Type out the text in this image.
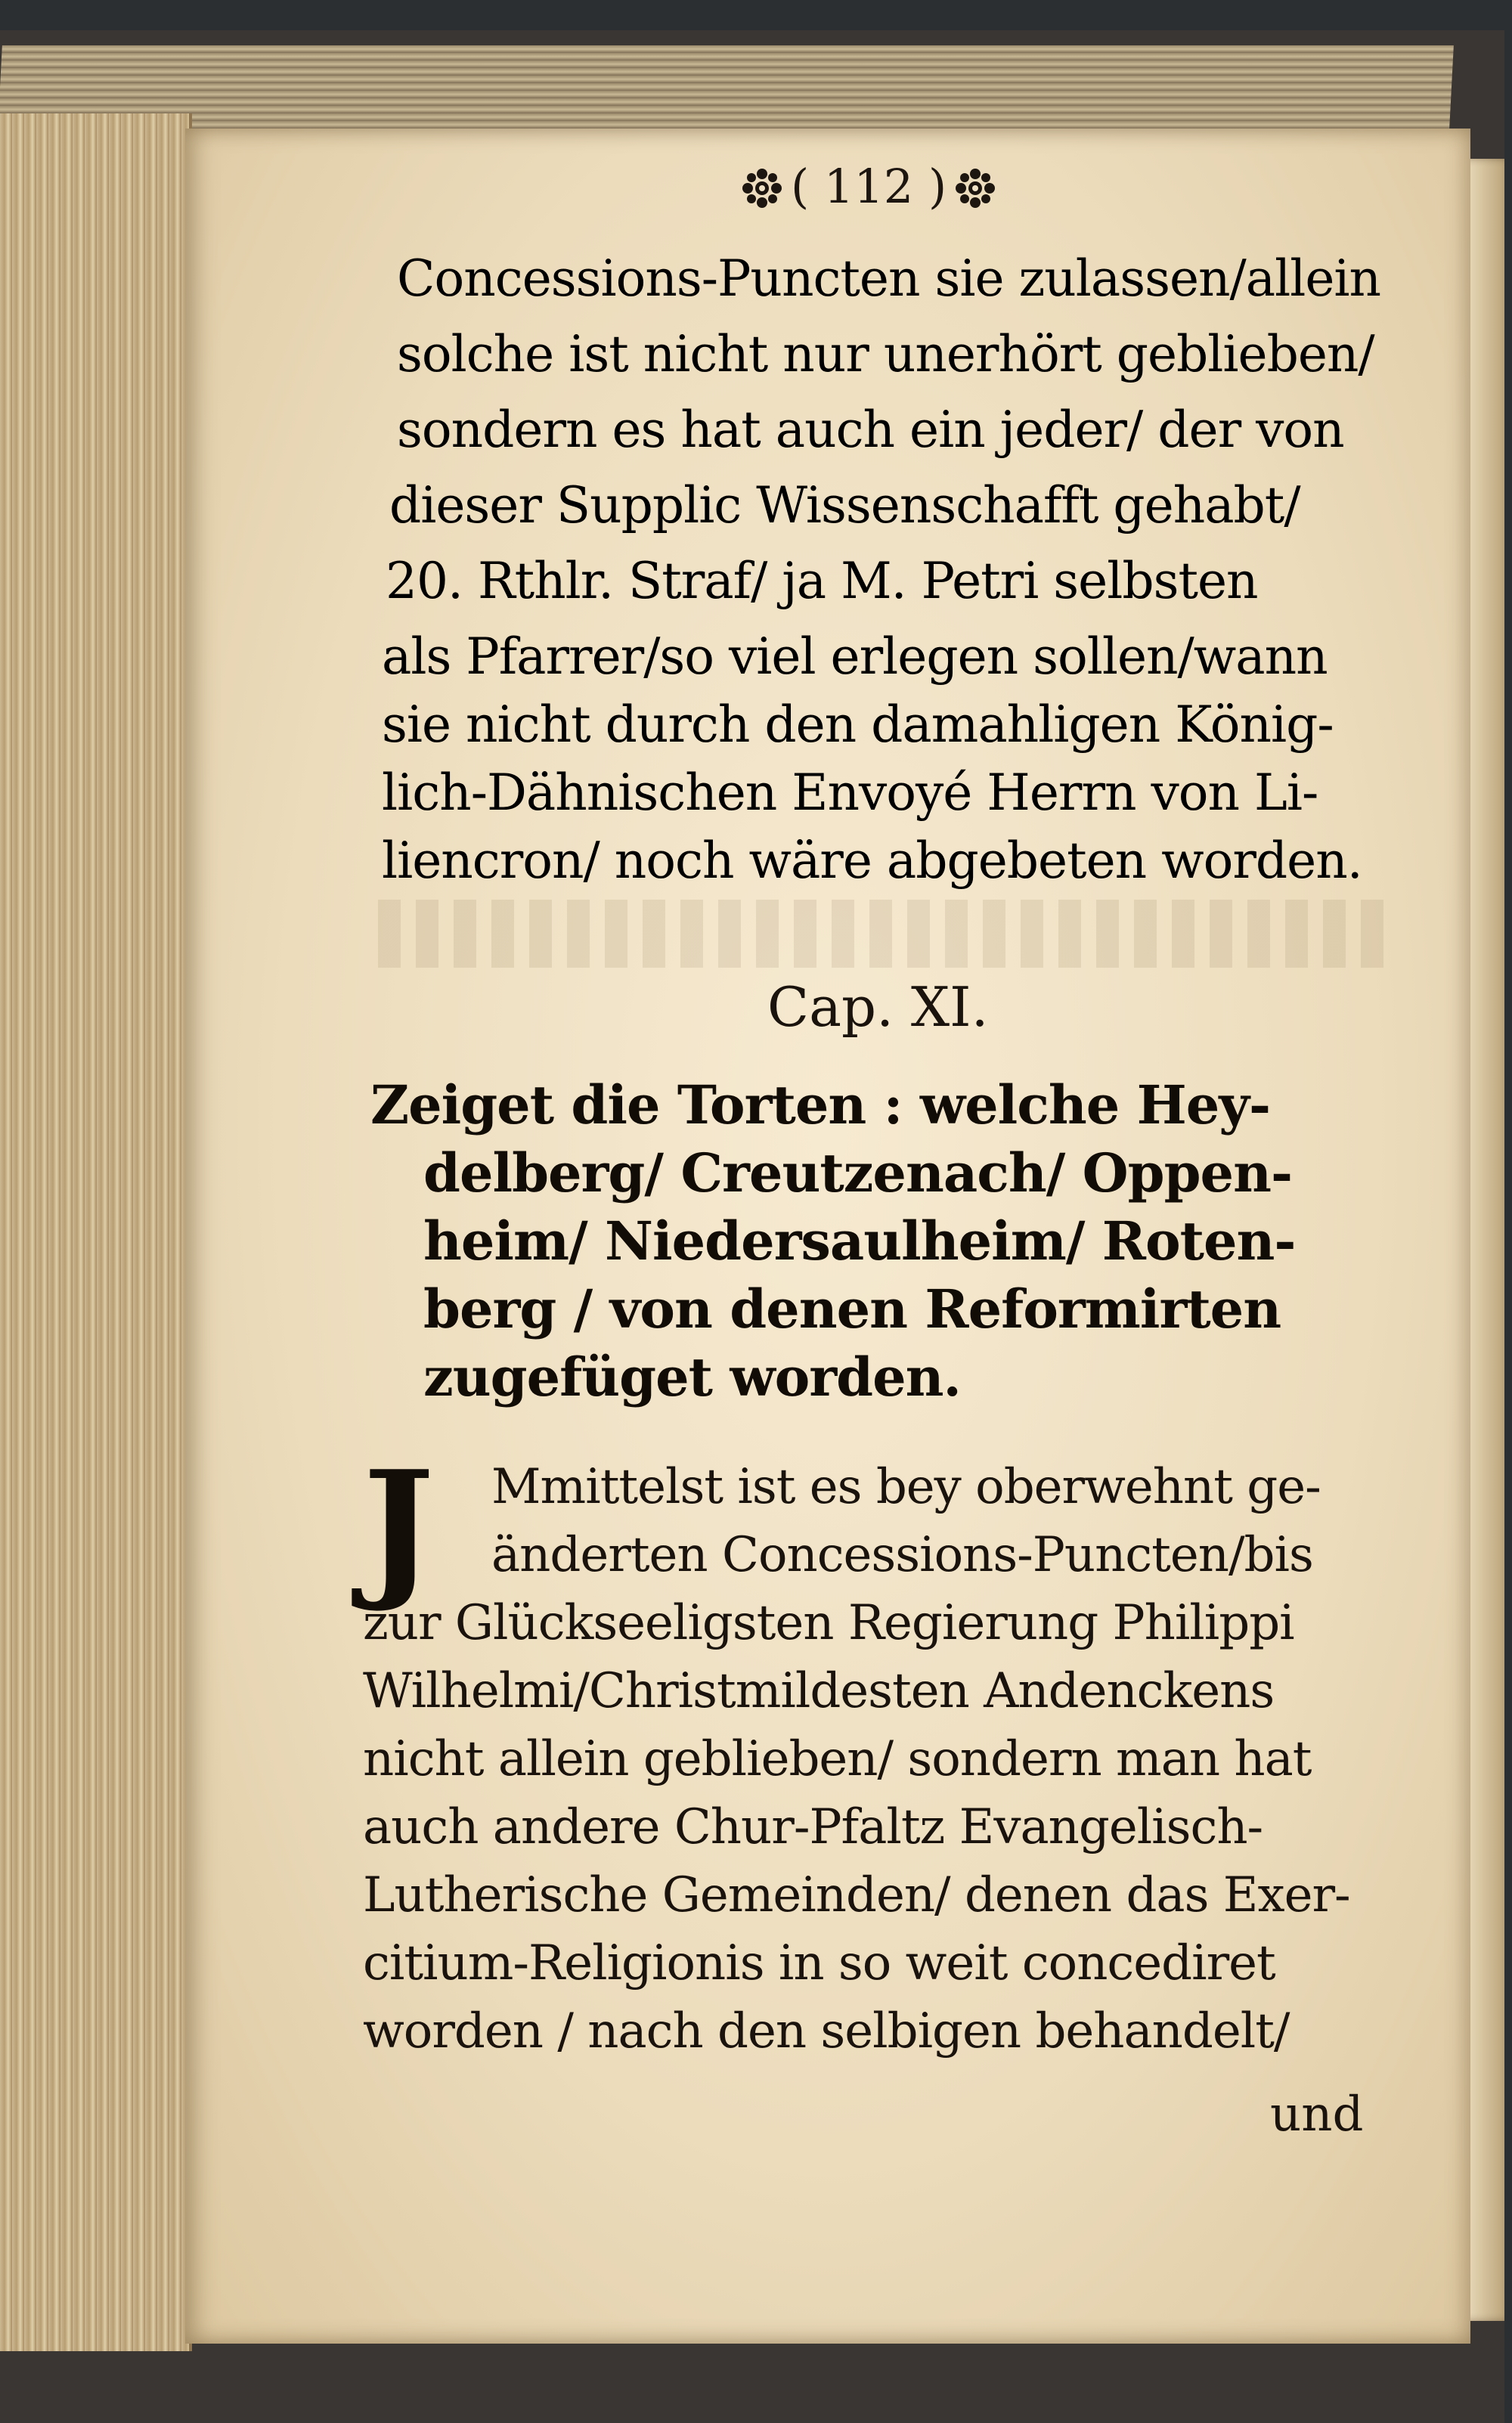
( 112 )
Concessions-Puncten sie zulassen/allein
solche ist nicht nur unerhört geblieben/
sondern es hat auch ein jeder/ der von
dieser Supplic Wissenschafft gehabt/
20. Rthlr. Straf/ ja M. Petri selbsten
als Pfarrer/so viel erlegen sollen/wann
sie nicht durch den damahligen König-
lich-Dähnischen Envoyé Herrn von Li-
liencron/ noch wäre abgebeten worden.
Cap. XI.
Zeiget die Torten : welche Hey-
delberg/ Creutzenach/ Oppen-
heim/ Niedersaulheim/ Roten-
berg / von denen Reformirten
zugefüget worden.
J Mmittelst ist es bey oberwehnt ge-
änderten Concessions-Puncten/bis
zur Glückseeligsten Regierung Philippi
Wilhelmi/Christmildesten Andenckens
nicht allein geblieben/ sondern man hat
auch andere Chur-Pfaltz Evangelisch-
Lutherische Gemeinden/ denen das Exer-
citium-Religionis in so weit concediret
worden / nach den selbigen behandelt/
und
